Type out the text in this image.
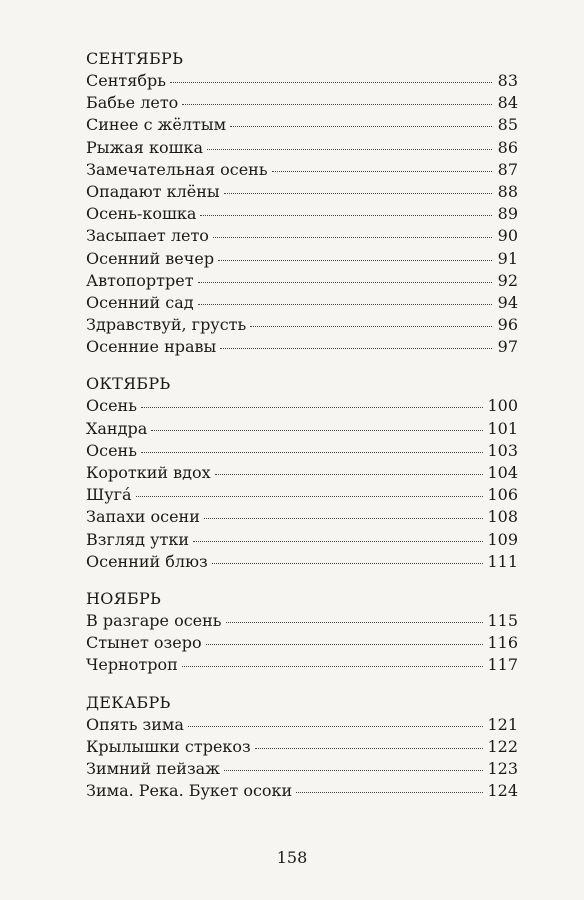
СЕНТЯБРЬ
Сентябрь	83
Бабье лето	84
Синее с жёлтым	85
Рыжая кошка	86
Замечательная осень	87
Опадают клёны	88
Осень-кошка	89
Засыпает лето	90
Осенний вечер	91
Автопортрет	92
Осенний сад	94
Здравствуй, грусть	96
Осенние нравы	97
ОКТЯБРЬ
Осень	100
Хандра	101
Осень	103
Короткий вдох	104
Шуга́	106
Запахи осени	108
Взгляд утки	109
Осенний блюз	111
НОЯБРЬ
В разгаре осень	115
Стынет озеро	116
Чернотроп	117
ДЕКАБРЬ
Опять зима	121
Крылышки стрекоз	122
Зимний пейзаж	123
Зима. Река. Букет осоки	124
158
